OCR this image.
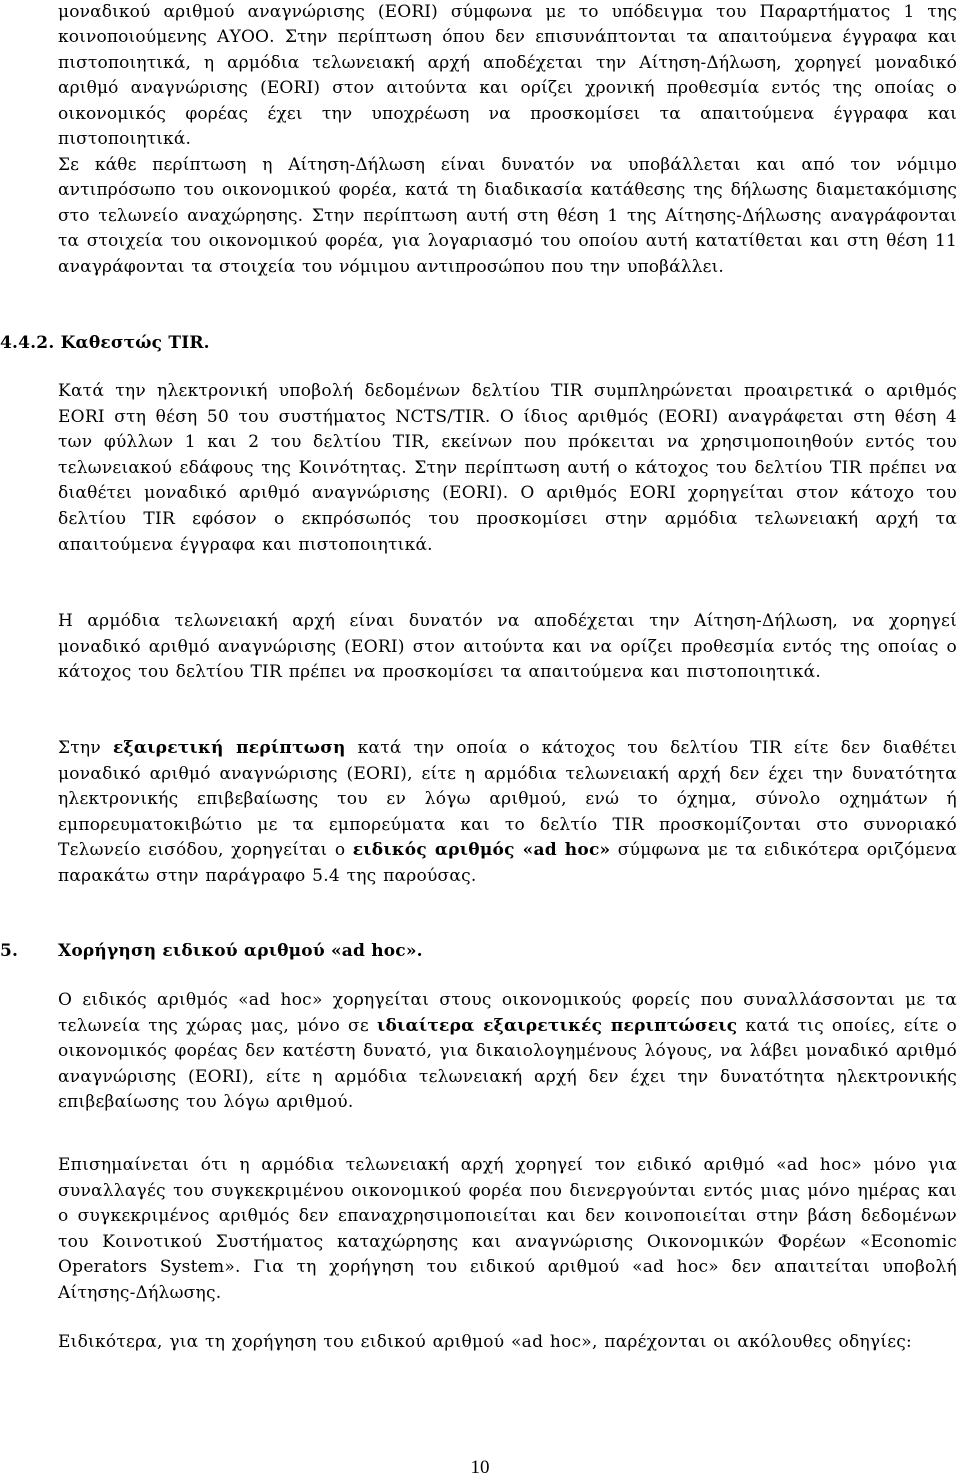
μοναδικού αριθμού αναγνώρισης (EORI) σύμφωνα με το υπόδειγμα του Παραρτήματος 1 της κοινοποιούμενης ΑΥΟΟ. Στην περίπτωση όπου δεν επισυνάπτονται τα απαιτούμενα έγγραφα και πιστοποιητικά, η αρμόδια τελωνειακή αρχή αποδέχεται την Αίτηση-Δήλωση, χορηγεί μοναδικό αριθμό αναγνώρισης (EORI) στον αιτούντα και ορίζει χρονική προθεσμία εντός της οποίας ο οικονομικός φορέας έχει την υποχρέωση να προσκομίσει τα απαιτούμενα έγγραφα και πιστοποιητικά.

Σε κάθε περίπτωση η Αίτηση-Δήλωση είναι δυνατόν να υποβάλλεται και από τον νόμιμο αντιπρόσωπο του οικονομικού φορέα, κατά τη διαδικασία κατάθεσης της δήλωσης διαμετακόμισης στο τελωνείο αναχώρησης. Στην περίπτωση αυτή στη θέση 1 της Αίτησης-Δήλωσης αναγράφονται τα στοιχεία του οικονομικού φορέα, για λογαριασμό του οποίου αυτή κατατίθεται και στη θέση 11 αναγράφονται τα στοιχεία του νόμιμου αντιπροσώπου που την υποβάλλει.

4.4.2. Καθεστώς TIR.

Κατά την ηλεκτρονική υποβολή δεδομένων δελτίου TIR συμπληρώνεται προαιρετικά ο αριθμός EORI στη θέση 50 του συστήματος NCTS/TIR. Ο ίδιος αριθμός (EORI) αναγράφεται στη θέση 4 των φύλλων 1 και 2 του δελτίου TIR, εκείνων που πρόκειται να χρησιμοποιηθούν εντός του τελωνειακού εδάφους της Κοινότητας. Στην περίπτωση αυτή ο κάτοχος του δελτίου TIR πρέπει να διαθέτει μοναδικό αριθμό αναγνώρισης (EORI). Ο αριθμός EORI χορηγείται στον κάτοχο του δελτίου TIR εφόσον ο εκπρόσωπός του προσκομίσει στην αρμόδια τελωνειακή αρχή τα απαιτούμενα έγγραφα και πιστοποιητικά.

Η αρμόδια τελωνειακή αρχή είναι δυνατόν να αποδέχεται την Αίτηση-Δήλωση, να χορηγεί μοναδικό αριθμό αναγνώρισης (EORI) στον αιτούντα και να ορίζει προθεσμία εντός της οποίας ο κάτοχος του δελτίου TIR πρέπει να προσκομίσει τα απαιτούμενα και πιστοποιητικά.

Στην εξαιρετική περίπτωση κατά την οποία ο κάτοχος του δελτίου TIR είτε δεν διαθέτει μοναδικό αριθμό αναγνώρισης (EORI), είτε η αρμόδια τελωνειακή αρχή δεν έχει την δυνατότητα ηλεκτρονικής επιβεβαίωσης του εν λόγω αριθμού, ενώ το όχημα, σύνολο οχημάτων ή εμπορευματοκιβώτιο με τα εμπορεύματα και το δελτίο TIR προσκομίζονται στο συνοριακό Τελωνείο εισόδου, χορηγείται ο ειδικός αριθμός «ad hoc» σύμφωνα με τα ειδικότερα οριζόμενα παρακάτω στην παράγραφο 5.4 της παρούσας.

5. Χορήγηση ειδικού αριθμού «ad hoc».

Ο ειδικός αριθμός «ad hoc» χορηγείται στους οικονομικούς φορείς που συναλλάσσονται με τα τελωνεία της χώρας μας, μόνο σε ιδιαίτερα εξαιρετικές περιπτώσεις κατά τις οποίες, είτε ο οικονομικός φορέας δεν κατέστη δυνατό, για δικαιολογημένους λόγους, να λάβει μοναδικό αριθμό αναγνώρισης (EORI), είτε η αρμόδια τελωνειακή αρχή δεν έχει την δυνατότητα ηλεκτρονικής επιβεβαίωσης του λόγω αριθμού.

Επισημαίνεται ότι η αρμόδια τελωνειακή αρχή χορηγεί τον ειδικό αριθμό «ad hoc» μόνο για συναλλαγές του συγκεκριμένου οικονομικού φορέα που διενεργούνται εντός μιας μόνο ημέρας και ο συγκεκριμένος αριθμός δεν επαναχρησιμοποιείται και δεν κοινοποιείται στην βάση δεδομένων του Κοινοτικού Συστήματος καταχώρησης και αναγνώρισης Οικονομικών Φορέων «Economic Operators System». Για τη χορήγηση του ειδικού αριθμού «ad hoc» δεν απαιτείται υποβολή Αίτησης-Δήλωσης.

Ειδικότερα, για τη χορήγηση του ειδικού αριθμού «ad hoc», παρέχονται οι ακόλουθες οδηγίες:

10
